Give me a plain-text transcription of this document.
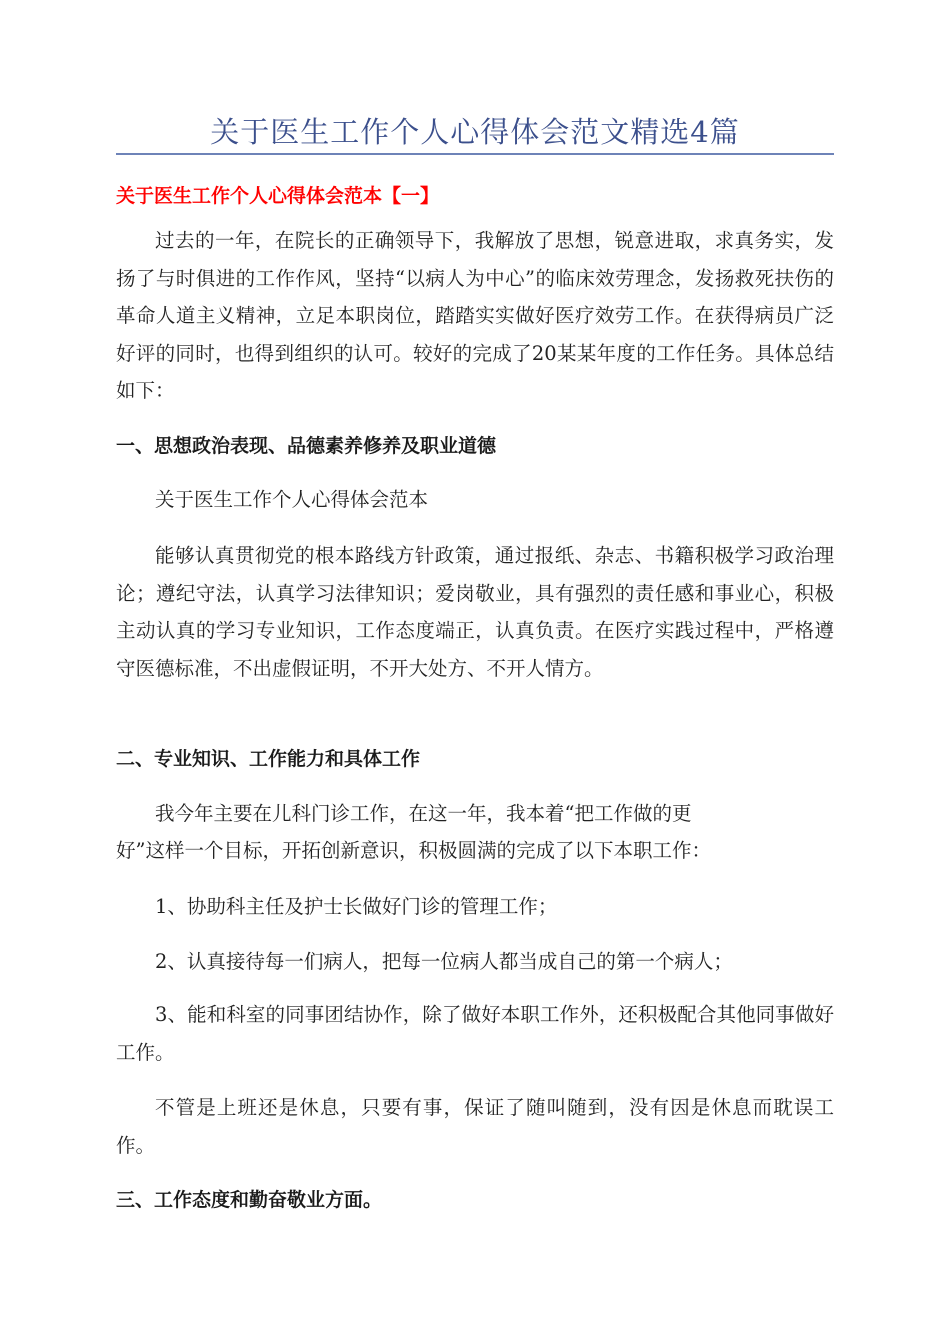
关于医生工作个人心得体会范文精选4篇
关于医生工作个人心得体会范本【一】

过去的一年，在院长的正确领导下，我解放了思想，锐意进取，求真务实，发扬了与时俱进的工作作风，坚持“以病人为中心”的临床效劳理念，发扬救死扶伤的革命人道主义精神，立足本职岗位，踏踏实实做好医疗效劳工作。在获得病员广泛好评的同时，也得到组织的认可。较好的完成了20某某年度的工作任务。具体总结如下：

一、思想政治表现、品德素养修养及职业道德

关于医生工作个人心得体会范本

能够认真贯彻党的根本路线方针政策，通过报纸、杂志、书籍积极学习政治理论；遵纪守法，认真学习法律知识；爱岗敬业，具有强烈的责任感和事业心，积极主动认真的学习专业知识，工作态度端正，认真负责。在医疗实践过程中，严格遵守医德标准，不出虚假证明，不开大处方、不开人情方。

二、专业知识、工作能力和具体工作
我今年主要在儿科门诊工作，在这一年，我本着“把工作做的更
好”这样一个目标，开拓创新意识，积极圆满的完成了以下本职工作：
1、协助科主任及护士长做好门诊的管理工作；
2、认真接待每一们病人，把每一位病人都当成自己的第一个病人；

3、能和科室的同事团结协作，除了做好本职工作外，还积极配合其他同事做好工作。

不管是上班还是休息，只要有事，保证了随叫随到，没有因是休息而耽误工作。

三、工作态度和勤奋敬业方面。
